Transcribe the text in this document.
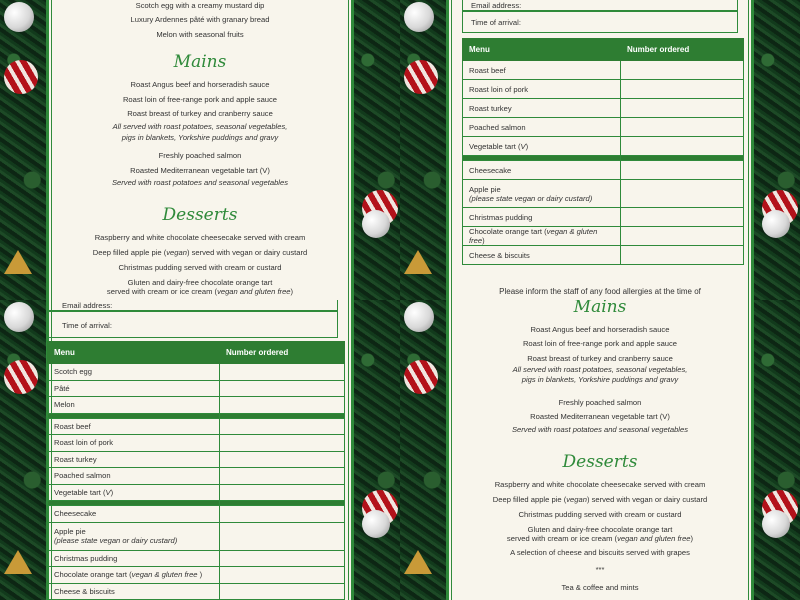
Scotch egg with a creamy mustard dip
Luxury Ardennes pâté with granary bread
Melon with seasonal fruits
Mains
Roast Angus beef and horseradish sauce
Roast loin of free-range pork and apple sauce
Roast breast of turkey and cranberry sauce
All served with roast potatoes, seasonal vegetables,
pigs in blankets, Yorkshire puddings and gravy
Freshly poached salmon
Roasted Mediterranean vegetable tart (V)
Served with roast potatoes and seasonal vegetables
Desserts
Raspberry and white chocolate cheesecake served with cream
Deep filled apple pie (vegan) served with vegan or dairy custard
Christmas pudding served with cream or custard
Gluten and dairy-free chocolate orange tart
served with cream or ice cream (vegan and gluten free)
Email address:
Time of arrival:
Please inform the staff of any food allergies at the time of
Menu	Number ordered
Roast beef	
Roast loin of pork	
Roast turkey	
Poached salmon	
Vegetable tart (V)	

Cheesecake	
Apple pie
(please state vegan or dairy custard)	
Christmas pudding	
Chocolate orange tart (vegan & gluten free)	
Cheese & biscuits	
Email address:
Time of arrival:
Menu	Number ordered
Scotch egg	
Pâté	
Melon	

Roast beef	
Roast loin of pork	
Roast turkey	
Poached salmon	
Vegetable tart (V)	

Cheesecake	
Apple pie
(please state vegan or dairy custard)	
Christmas pudding	
Chocolate orange tart (vegan & gluten free )	
Cheese & biscuits	
Mains
Roast Angus beef and horseradish sauce
Roast loin of free-range pork and apple sauce
Roast breast of turkey and cranberry sauce
All served with roast potatoes, seasonal vegetables,
pigs in blankets, Yorkshire puddings and gravy
Freshly poached salmon
Roasted Mediterranean vegetable tart (V)
Served with roast potatoes and seasonal vegetables
Desserts
Raspberry and white chocolate cheesecake served with cream
Deep filled apple pie (vegan) served with vegan or dairy custard
Christmas pudding served with cream or custard
Gluten and dairy-free chocolate orange tart
served with cream or ice cream (vegan and gluten free)
A selection of cheese and biscuits served with grapes
***
Tea & coffee and mints
